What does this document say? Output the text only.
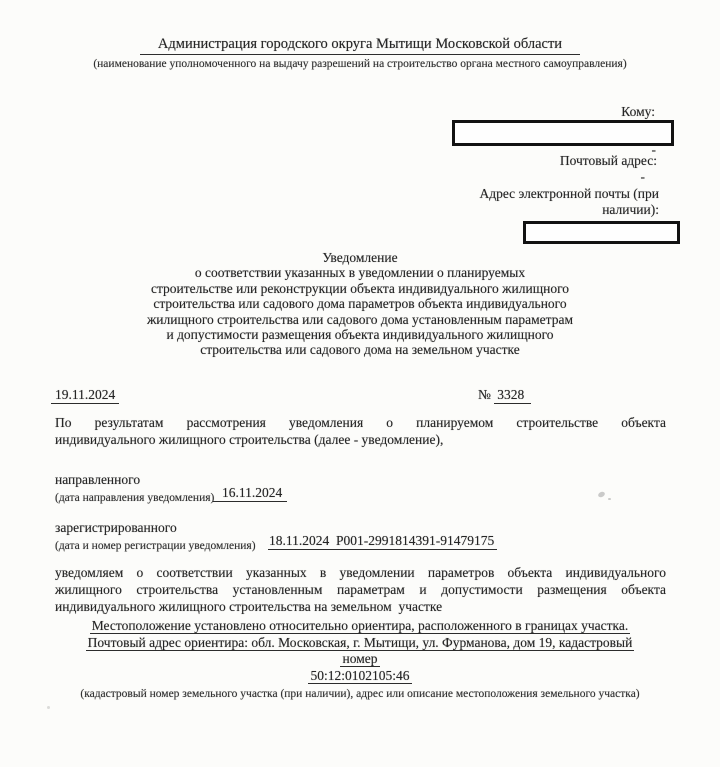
Администрация городского округа Мытищи Московской области
(наименование уполномоченного на выдачу разрешений на строительство органа местного самоуправления)
Кому:
-
Почтовый адрес:
-
Адрес электронной почты (при
наличии):
Уведомление
о соответствии указанных в уведомлении о планируемых
строительстве или реконструкции объекта индивидуального жилищного
строительства или садового дома параметров объекта индивидуального
жилищного строительства или садового дома установленным параметрам
и допустимости размещения объекта индивидуального жилищного
строительства или садового дома на земельном участке
19.11.2024	№ 3328
По результатам рассмотрения уведомления о планируемом строительстве объекта
индивидуального жилищного строительства (далее - уведомление),
направленного
(дата направления уведомления) 16.11.2024
зарегистрированного
(дата и номер регистрации уведомления) 18.11.2024  P001-2991814391-91479175
уведомляем о соответствии указанных в уведомлении параметров объекта индивидуального
жилищного строительства установленным параметрам и допустимости размещения объекта
индивидуального жилищного строительства на земельном  участке
Местоположение установлено относительно ориентира, расположенного в границах участка.
Почтовый адрес ориентира: обл. Московская, г. Мытищи, ул. Фурманова, дом 19, кадастровый
номер
50:12:0102105:46
(кадастровый номер земельного участка (при наличии), адрес или описание местоположения земельного участка)
